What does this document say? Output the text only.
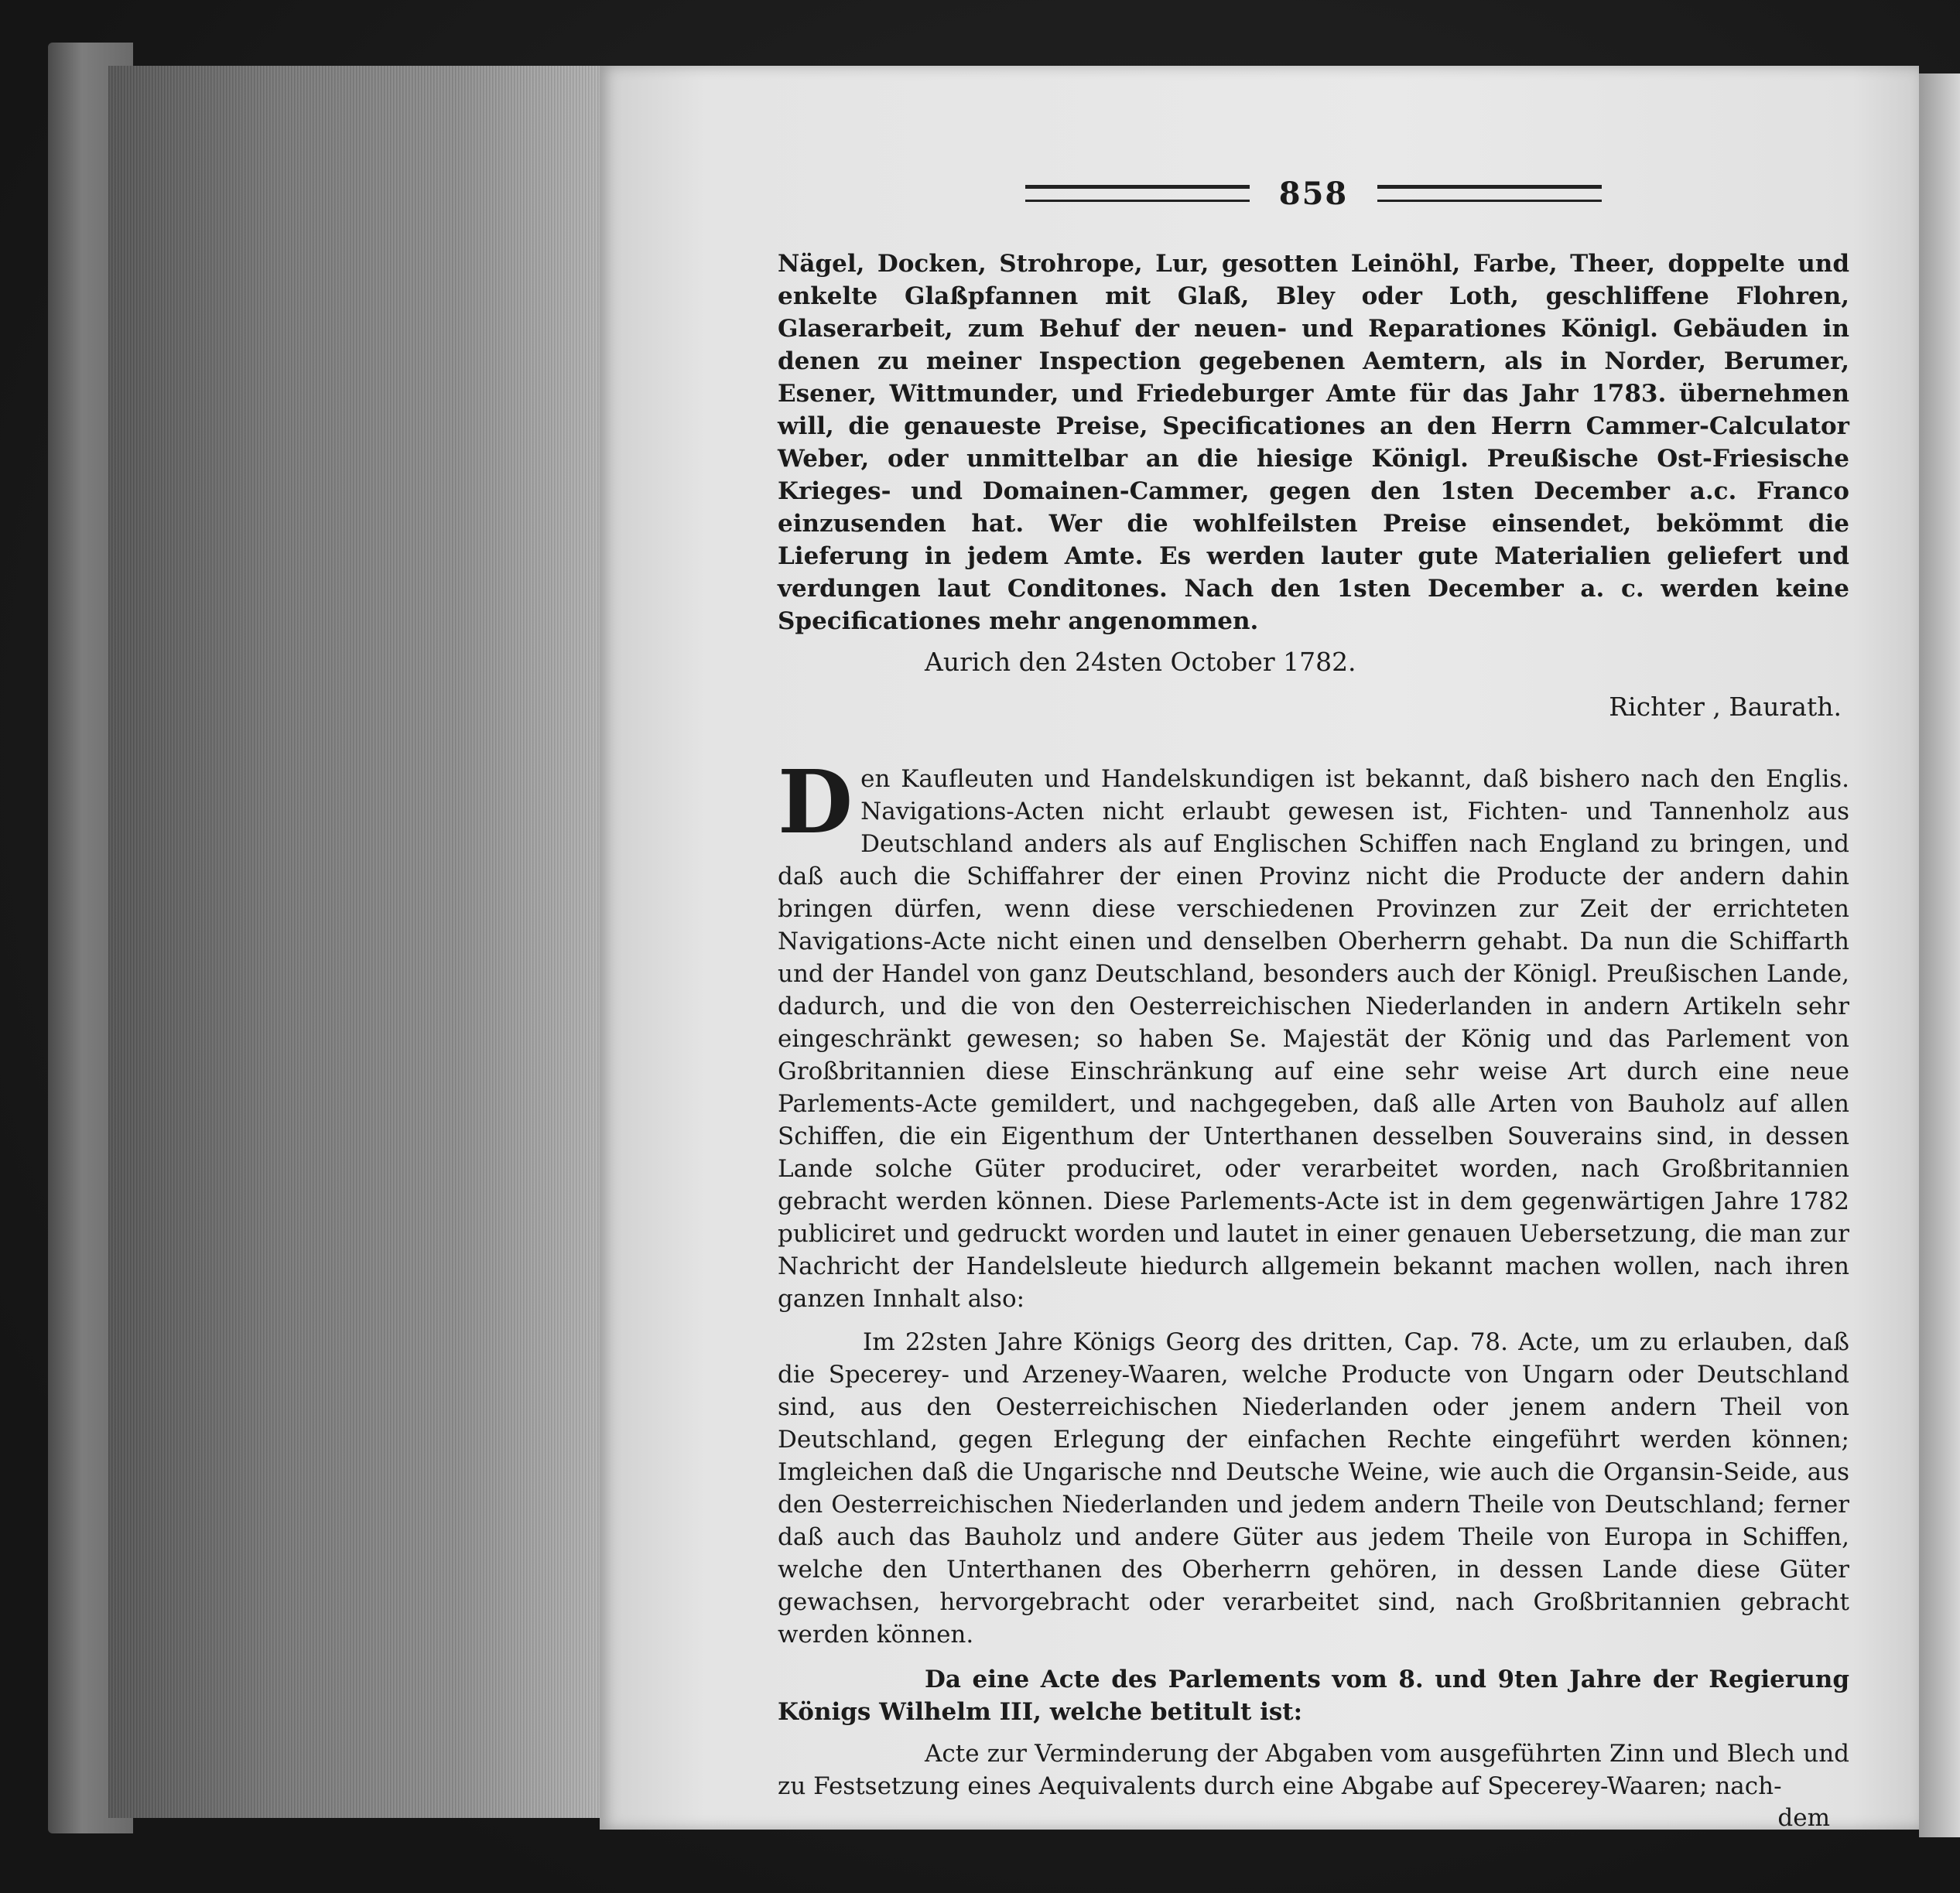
858

Nägel, Docken, Strohrope, Lur, gesotten Leinöhl, Farbe, Theer, doppelte und enkelte Glaßpfannen mit Glaß, Bley oder Loth, geschliffene Flohren, Glaserarbeit, zum Behuf der neuen- und Reparationes Königl. Gebäuden in denen zu meiner Inspection gegebenen Aemtern, als in Norder, Berumer, Esener, Wittmunder, und Friedeburger Amte für das Jahr 1783. übernehmen will, die genaueste Preise, Specificationes an den Herrn Cammer-Calculator Weber, oder unmittelbar an die hiesige Königl. Preußische Ost-Friesische Krieges- und Domainen-Cammer, gegen den 1sten December a.c. Franco einzusenden hat. Wer die wohlfeilsten Preise einsendet, bekömmt die Lieferung in jedem Amte. Es werden lauter gute Materialien geliefert und verdungen laut Conditones. Nach den 1sten December a. c. werden keine Specificationes mehr angenommen.

Aurich den 24sten October 1782.
Richter , Baurath.

Den Kaufleuten und Handelskundigen ist bekannt, daß bishero nach den Englis. Navigations-Acten nicht erlaubt gewesen ist, Fichten- und Tannenholz aus Deutschland anders als auf Englischen Schiffen nach England zu bringen, und daß auch die Schiffahrer der einen Provinz nicht die Producte der andern dahin bringen dürfen, wenn diese verschiedenen Provinzen zur Zeit der errichteten Navigations-Acte nicht einen und denselben Oberherrn gehabt. Da nun die Schiffarth und der Handel von ganz Deutschland, besonders auch der Königl. Preußischen Lande, dadurch, und die von den Oesterreichischen Niederlanden in andern Artikeln sehr eingeschränkt gewesen; so haben Se. Majestät der König und das Parlement von Großbritannien diese Einschränkung auf eine sehr weise Art durch eine neue Parlements-Acte gemildert, und nachgegeben, daß alle Arten von Bauholz auf allen Schiffen, die ein Eigenthum der Unterthanen desselben Souverains sind, in dessen Lande solche Güter produciret, oder verarbeitet worden, nach Großbritannien gebracht werden können. Diese Parlements-Acte ist in dem gegenwärtigen Jahre 1782 publiciret und gedruckt worden und lautet in einer genauen Uebersetzung, die man zur Nachricht der Handelsleute hiedurch allgemein bekannt machen wollen, nach ihren ganzen Innhalt also:

Im 22sten Jahre Königs Georg des dritten, Cap. 78. Acte, um zu erlauben, daß die Specerey- und Arzeney-Waaren, welche Producte von Ungarn oder Deutschland sind, aus den Oesterreichischen Niederlanden oder jenem andern Theil von Deutschland, gegen Erlegung der einfachen Rechte eingeführt werden können; Imgleichen daß die Ungarische nnd Deutsche Weine, wie auch die Organsin-Seide, aus den Oesterreichischen Niederlanden und jedem andern Theile von Deutschland; ferner daß auch das Bauholz und andere Güter aus jedem Theile von Europa in Schiffen, welche den Unterthanen des Oberherrn gehören, in dessen Lande diese Güter gewachsen, hervorgebracht oder verarbeitet sind, nach Großbritannien gebracht werden können.

Da eine Acte des Parlements vom 8. und 9ten Jahre der Regierung Königs Wilhelm III, welche betitult ist:

Acte zur Verminderung der Abgaben vom ausgeführten Zinn und Blech und zu Festsetzung eines Aequivalents durch eine Abgabe auf Specerey-Waaren; nach-

dem
